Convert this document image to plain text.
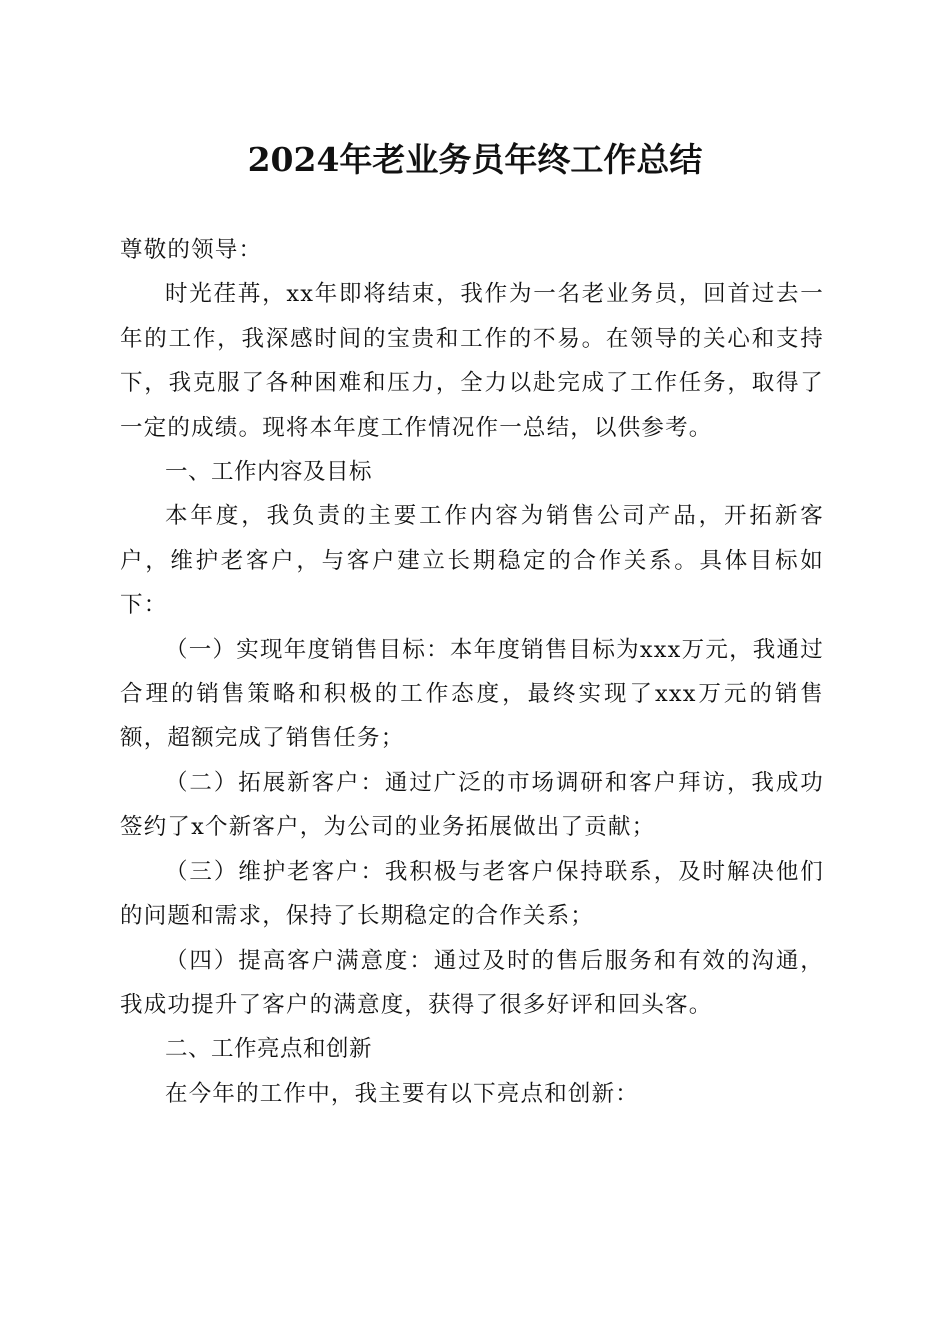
2024年老业务员年终工作总结

尊敬的领导：

时光荏苒，xx年即将结束，我作为一名老业务员，回首过去一年的工作，我深感时间的宝贵和工作的不易。在领导的关心和支持下，我克服了各种困难和压力，全力以赴完成了工作任务，取得了一定的成绩。现将本年度工作情况作一总结，以供参考。

一、工作内容及目标

本年度，我负责的主要工作内容为销售公司产品，开拓新客户，维护老客户，与客户建立长期稳定的合作关系。具体目标如下：

（一）实现年度销售目标：本年度销售目标为xxx万元，我通过合理的销售策略和积极的工作态度，最终实现了xxx万元的销售额，超额完成了销售任务；

（二）拓展新客户：通过广泛的市场调研和客户拜访，我成功签约了x个新客户，为公司的业务拓展做出了贡献；

（三）维护老客户：我积极与老客户保持联系，及时解决他们的问题和需求，保持了长期稳定的合作关系；

（四）提高客户满意度：通过及时的售后服务和有效的沟通，我成功提升了客户的满意度，获得了很多好评和回头客。

二、工作亮点和创新

在今年的工作中，我主要有以下亮点和创新：
